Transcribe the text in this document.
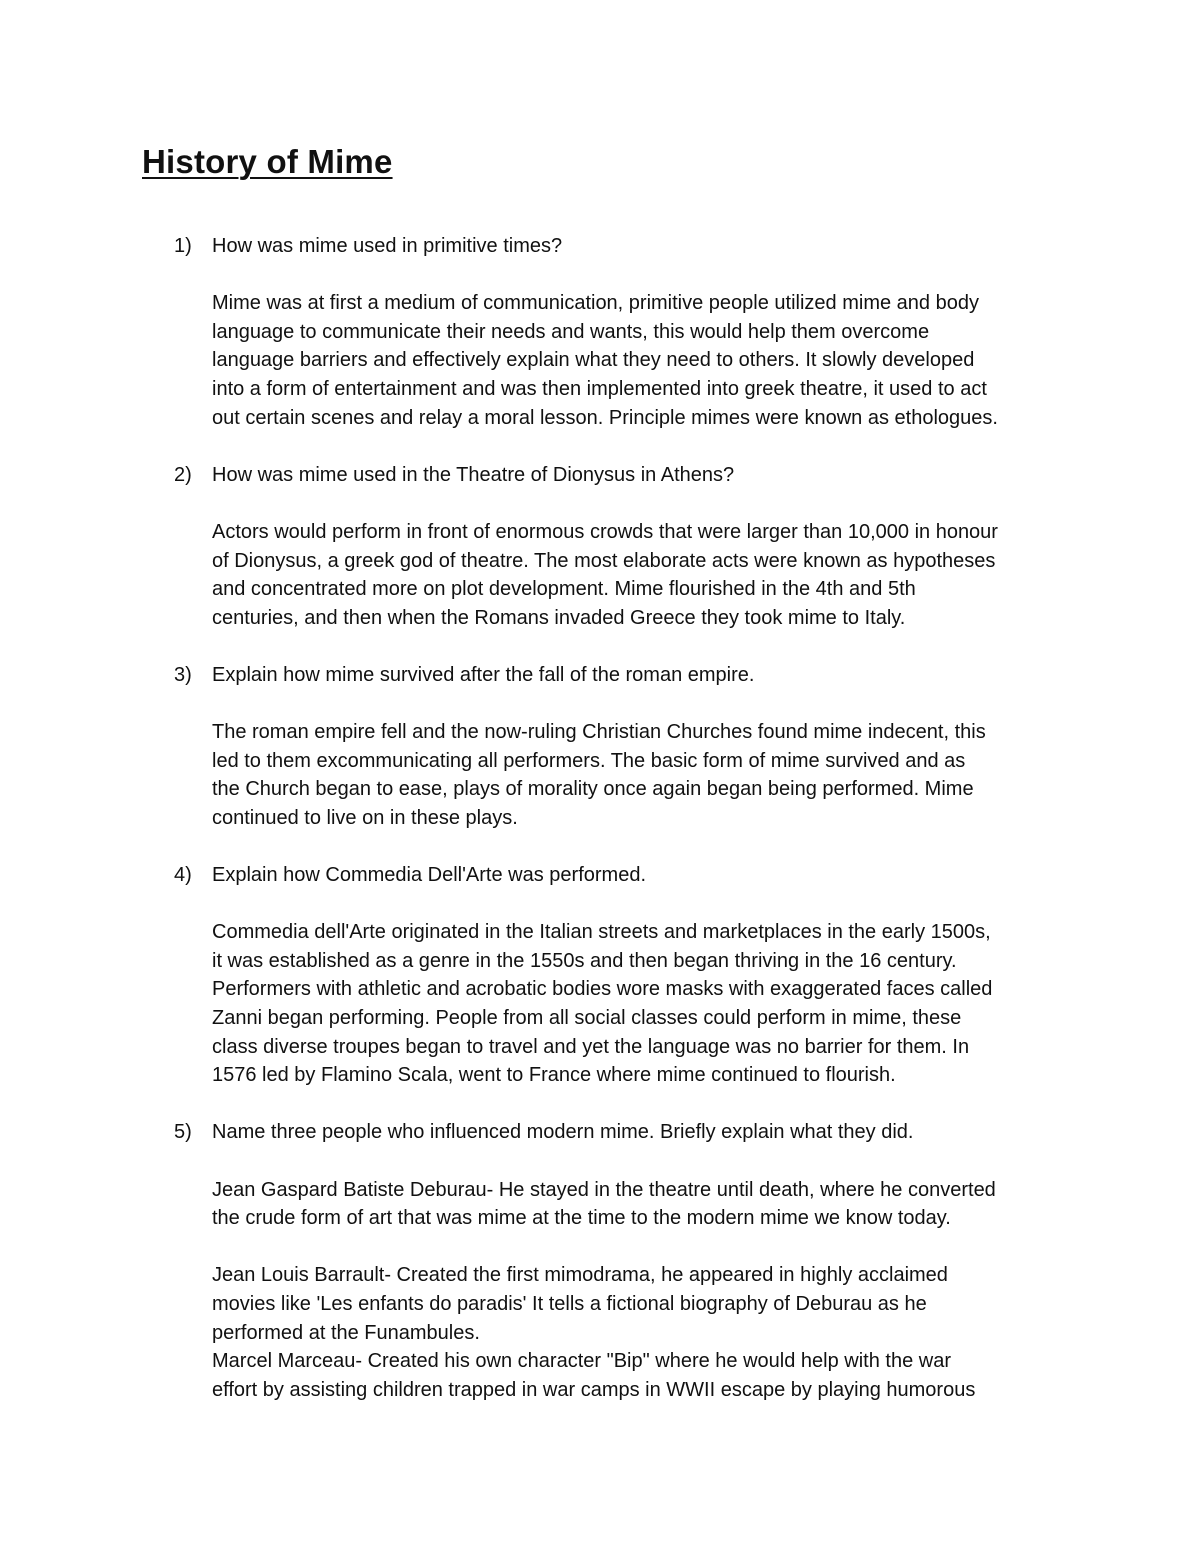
History of Mime
1) How was mime used in primitive times?
Mime was at first a medium of communication, primitive people utilized mime and body
language to communicate their needs and wants, this would help them overcome
language barriers and effectively explain what they need to others. It slowly developed
into a form of entertainment and was then implemented into greek theatre, it used to act
out certain scenes and relay a moral lesson. Principle mimes were known as ethologues.
2) How was mime used in the Theatre of Dionysus in Athens?
Actors would perform in front of enormous crowds that were larger than 10,000 in honour
of Dionysus, a greek god of theatre. The most elaborate acts were known as hypotheses
and concentrated more on plot development. Mime flourished in the 4th and 5th
centuries, and then when the Romans invaded Greece they took mime to Italy.
3) Explain how mime survived after the fall of the roman empire.
The roman empire fell and the now-ruling Christian Churches found mime indecent, this
led to them excommunicating all performers. The basic form of mime survived and as
the Church began to ease, plays of morality once again began being performed. Mime
continued to live on in these plays.
4) Explain how Commedia Dell'Arte was performed.
Commedia dell'Arte originated in the Italian streets and marketplaces in the early 1500s,
it was established as a genre in the 1550s and then began thriving in the 16 century.
Performers with athletic and acrobatic bodies wore masks with exaggerated faces called
Zanni began performing. People from all social classes could perform in mime, these
class diverse troupes began to travel and yet the language was no barrier for them. In
1576 led by Flamino Scala, went to France where mime continued to flourish.
5) Name three people who influenced modern mime. Briefly explain what they did.
Jean Gaspard Batiste Deburau- He stayed in the theatre until death, where he converted
the crude form of art that was mime at the time to the modern mime we know today.
Jean Louis Barrault- Created the first mimodrama, he appeared in highly acclaimed
movies like 'Les enfants do paradis' It tells a fictional biography of Deburau as he
performed at the Funambules.
Marcel Marceau- Created his own character "Bip" where he would help with the war
effort by assisting children trapped in war camps in WWII escape by playing humorous
